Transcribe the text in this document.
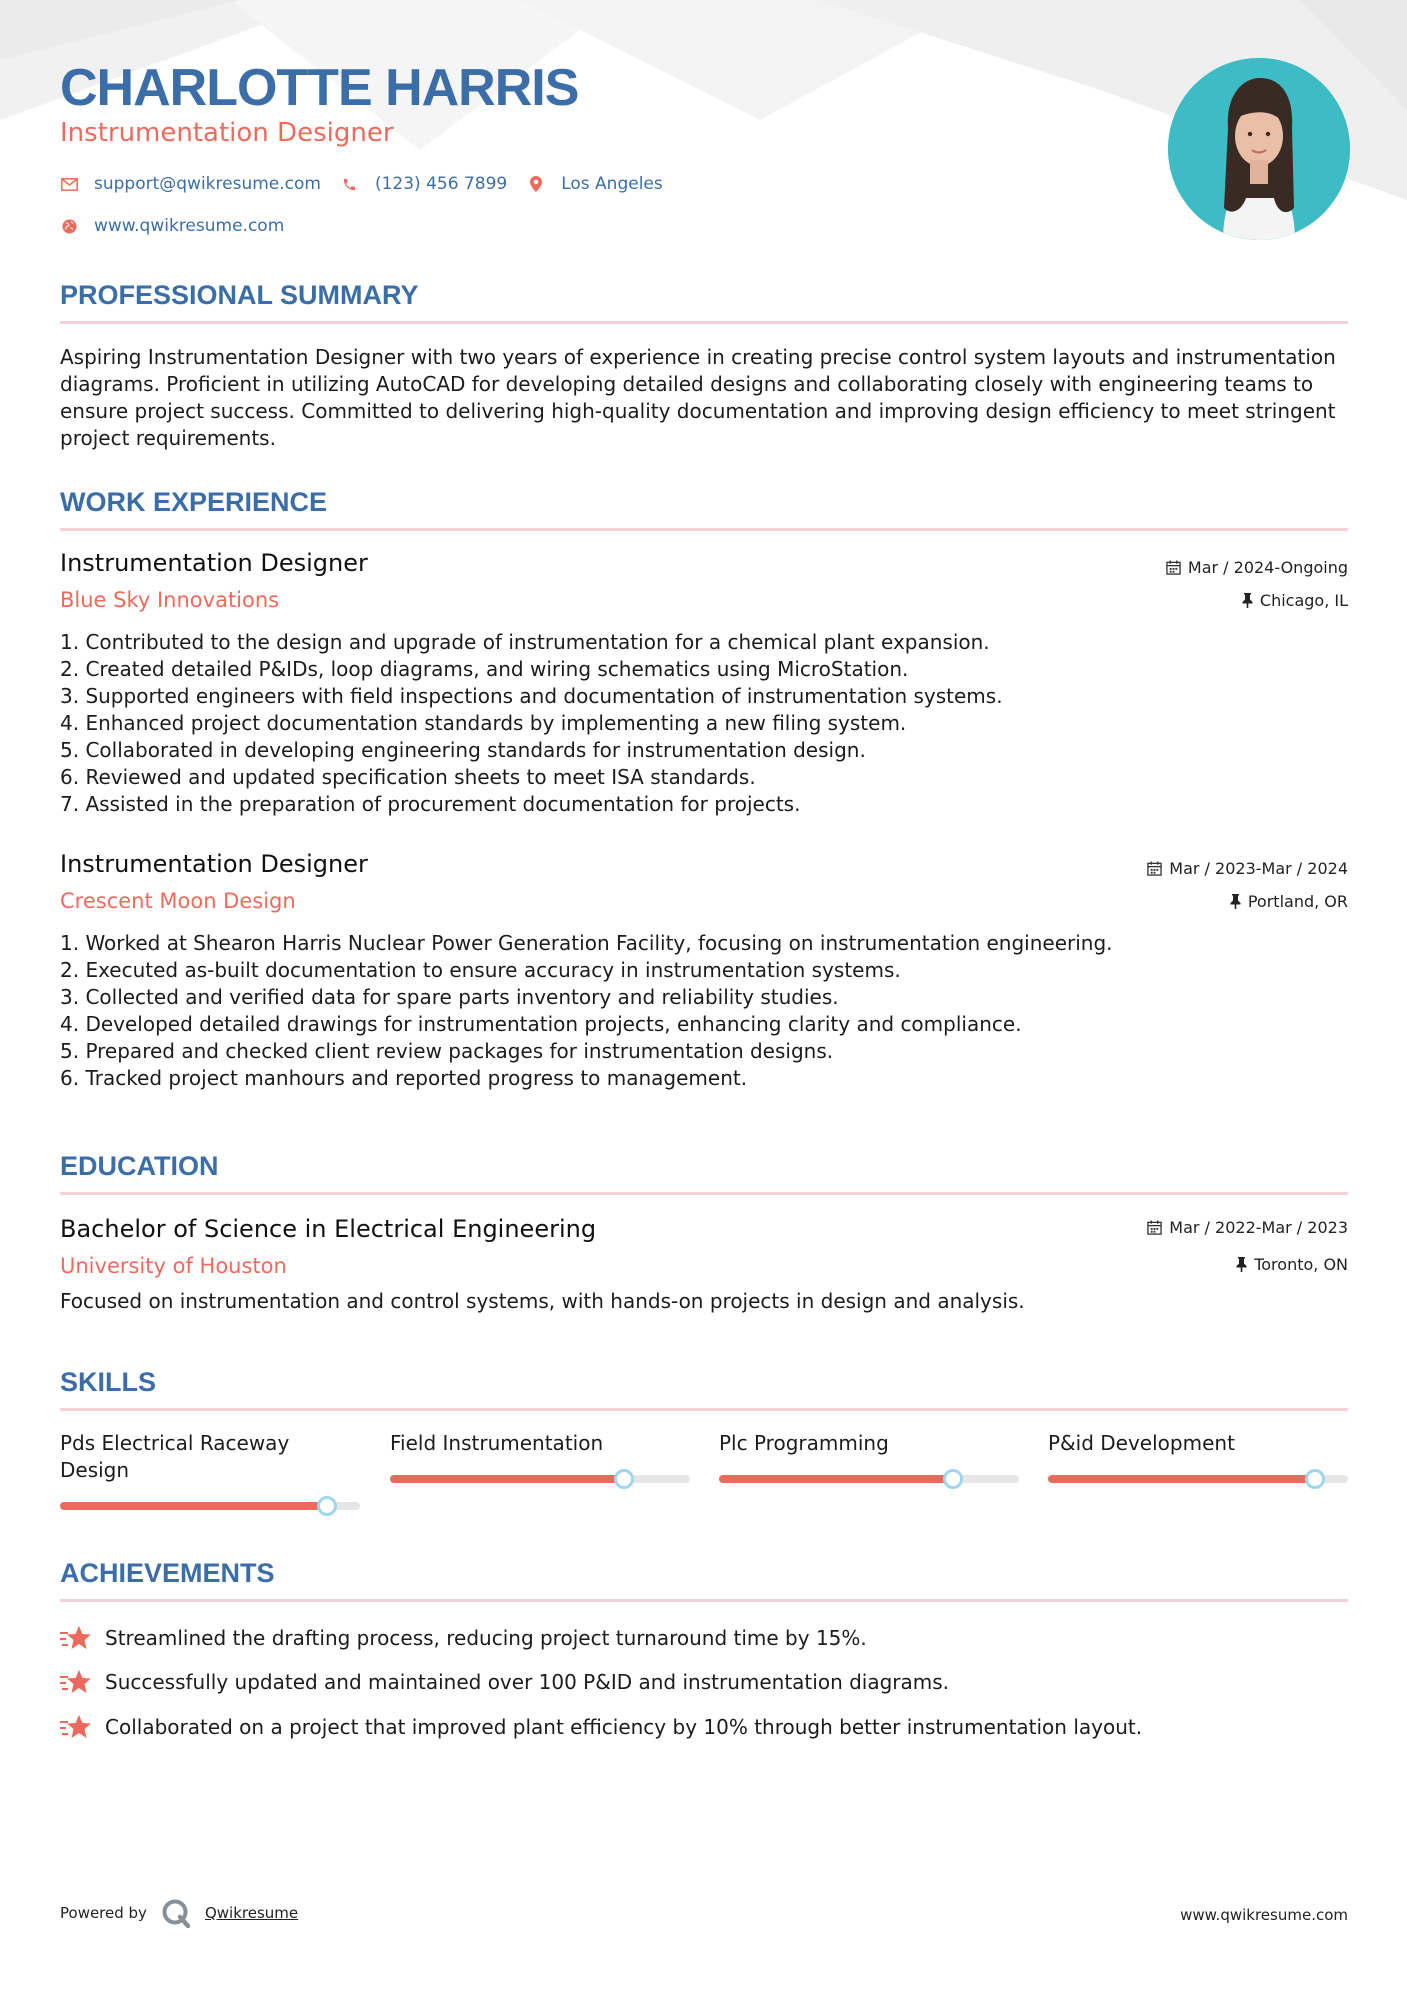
CHARLOTTE HARRIS
Instrumentation Designer
support@qwikresume.com	(123) 456 7899	Los Angeles
www.qwikresume.com
PROFESSIONAL SUMMARY
Aspiring Instrumentation Designer with two years of experience in creating precise control system layouts and instrumentation diagrams. Proficient in utilizing AutoCAD for developing detailed designs and collaborating closely with engineering teams to ensure project success. Committed to delivering high-quality documentation and improving design efficiency to meet stringent project requirements.
WORK EXPERIENCE
Instrumentation Designer
Blue Sky Innovations
Mar / 2024-Ongoing
Chicago, IL
1. Contributed to the design and upgrade of instrumentation for a chemical plant expansion.
2. Created detailed P&IDs, loop diagrams, and wiring schematics using MicroStation.
3. Supported engineers with field inspections and documentation of instrumentation systems.
4. Enhanced project documentation standards by implementing a new filing system.
5. Collaborated in developing engineering standards for instrumentation design.
6. Reviewed and updated specification sheets to meet ISA standards.
7. Assisted in the preparation of procurement documentation for projects.
Instrumentation Designer
Crescent Moon Design
Mar / 2023-Mar / 2024
Portland, OR
1. Worked at Shearon Harris Nuclear Power Generation Facility, focusing on instrumentation engineering.
2. Executed as-built documentation to ensure accuracy in instrumentation systems.
3. Collected and verified data for spare parts inventory and reliability studies.
4. Developed detailed drawings for instrumentation projects, enhancing clarity and compliance.
5. Prepared and checked client review packages for instrumentation designs.
6. Tracked project manhours and reported progress to management.
EDUCATION
Bachelor of Science in Electrical Engineering
University of Houston
Mar / 2022-Mar / 2023
Toronto, ON
Focused on instrumentation and control systems, with hands-on projects in design and analysis.
SKILLS
Pds Electrical Raceway Design
Field Instrumentation	Plc Programming	P&id Development
ACHIEVEMENTS
Streamlined the drafting process, reducing project turnaround time by 15%.
Successfully updated and maintained over 100 P&ID and instrumentation diagrams.
Collaborated on a project that improved plant efficiency by 10% through better instrumentation layout.
Powered by	Qwikresume	www.qwikresume.com
